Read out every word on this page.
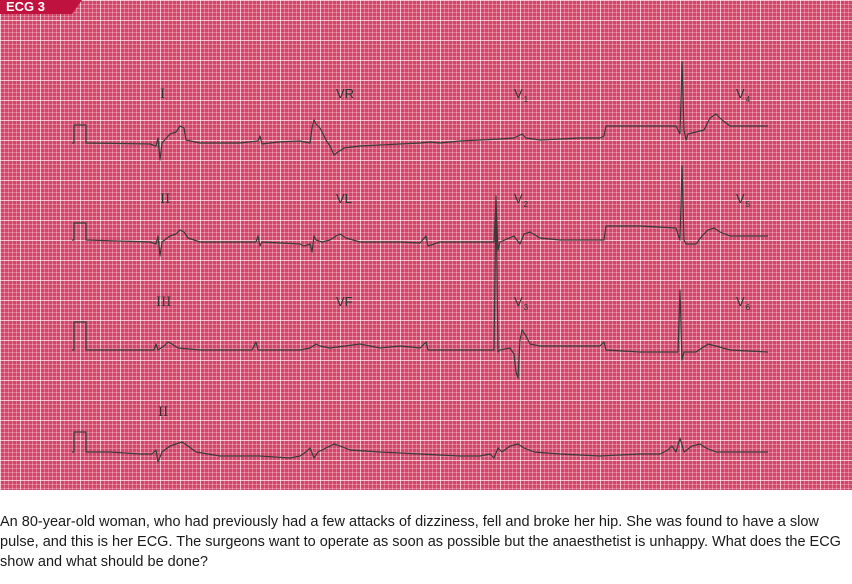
ECG 3
I	VR	$V_1$	$V_4$
II	VL	$V_2$	$V_5$
III	VF	$V_3$	$V_6$
II

An 80-year-old woman, who had previously had a few attacks of dizziness, fell and broke her hip. She was found to have a slow pulse, and this is her ECG. The surgeons want to operate as soon as possible but the anaesthetist is unhappy. What does the ECG show and what should be done?
